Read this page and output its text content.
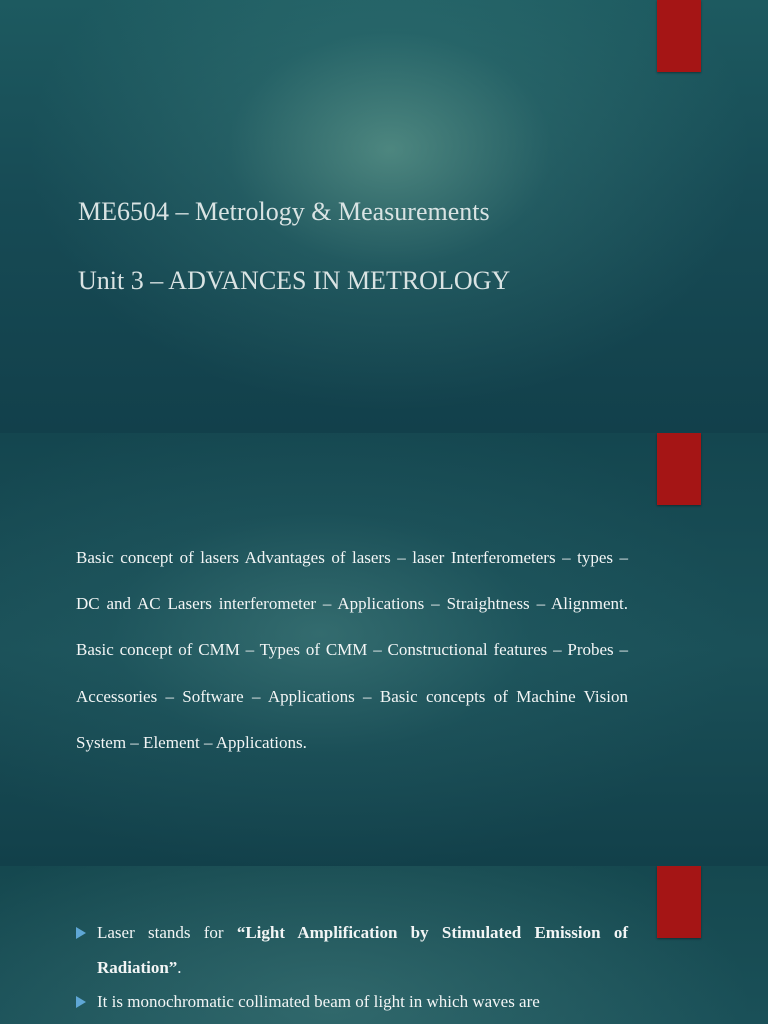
ME6504 – Metrology & Measurements
Unit 3 – ADVANCES IN METROLOGY

Basic concept of lasers Advantages of lasers – laser Interferometers – types – DC and AC Lasers interferometer – Applications – Straightness – Alignment. Basic concept of CMM – Types of CMM – Constructional features – Probes – Accessories – Software – Applications – Basic concepts of Machine Vision System – Element – Applications.

Laser stands for “Light Amplification by Stimulated Emission of Radiation”.
It is monochromatic collimated beam of light in which waves are
